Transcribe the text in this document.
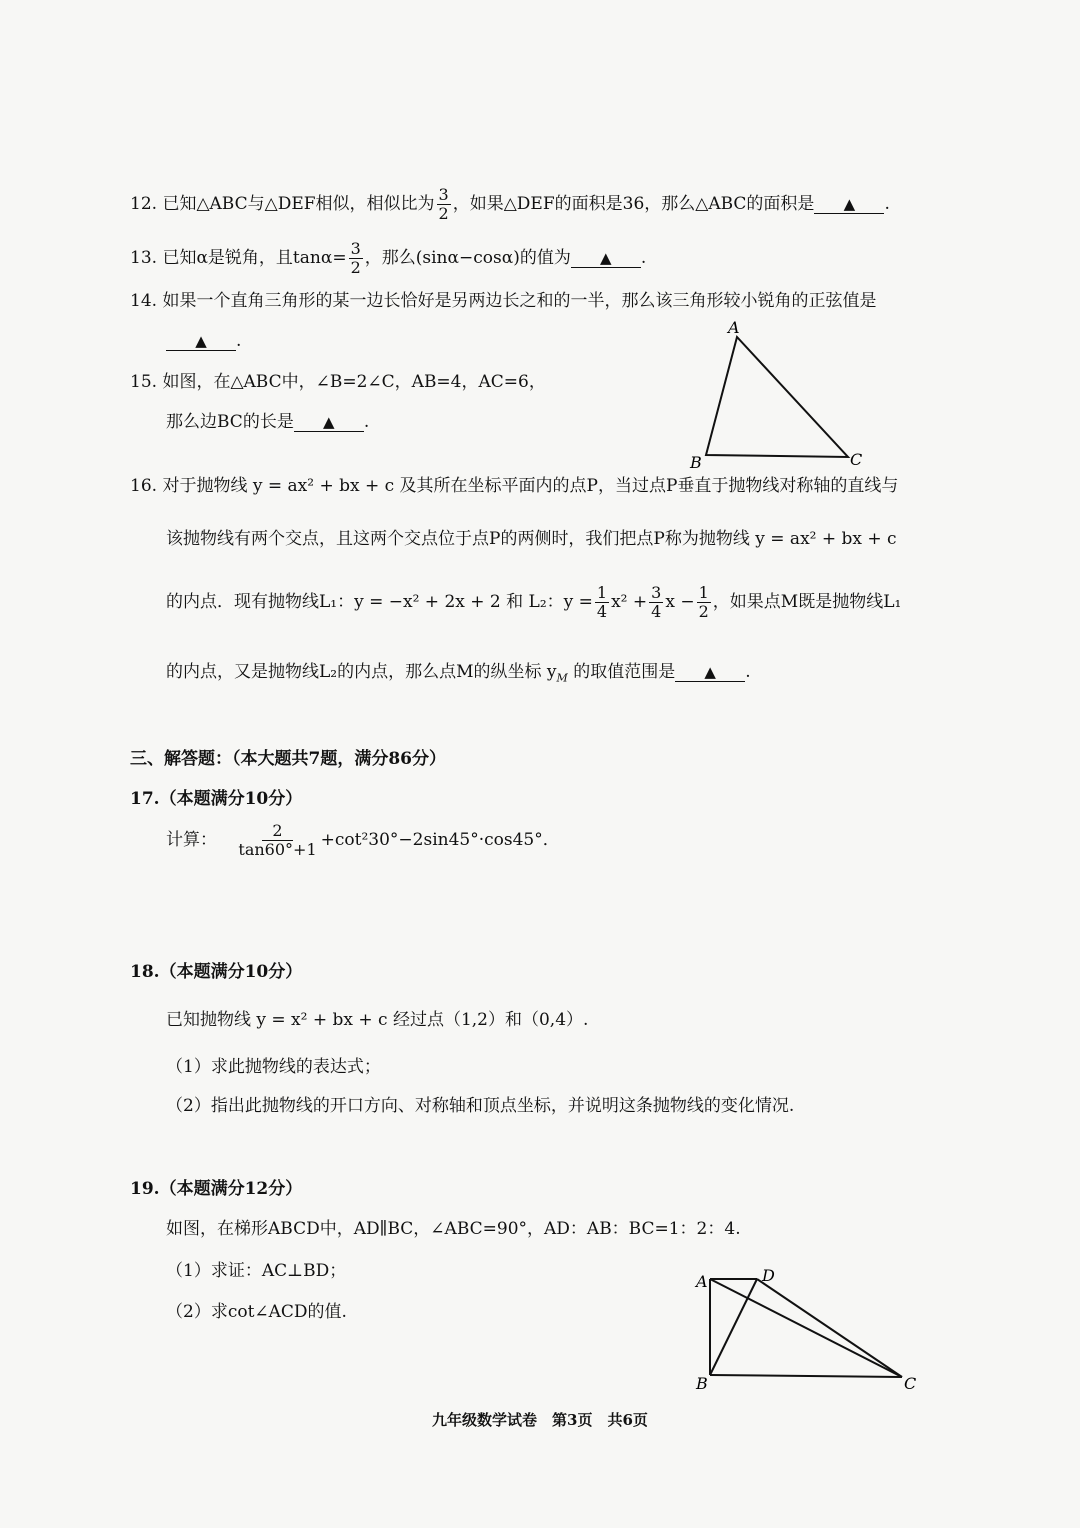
12. 已知△ABC与△DEF相似，相似比为 $\frac{3}{2}$ ，如果△DEF的面积是36，那么△ABC的面积是 ▲ .
13. 已知α是锐角，且$\tan\alpha= \frac{3}{2}$ ，那么(sinα−cosα)的值为 ▲ .
14. 如果一个直角三角形的某一边长恰好是另两边长之和的一半，那么该三角形较小锐角的正弦值是
▲ .
15. 如图，在△ABC中，∠B=2∠C，AB=4，AC=6，
那么边BC的长是 ▲ .
A
B	C
16. 对于抛物线 y = ax² + bx + c 及其所在坐标平面内的点P，当过点P垂直于抛物线对称轴的直线与
该抛物线有两个交点，且这两个交点位于点P的两侧时，我们把点P称为抛物线 y = ax² + bx + c
的内点．现有抛物线L₁：y = −x² + 2x + 2 和 L₂：$y = \frac{1}{4} x^2 + \frac{3}{4}$ $x - \frac{1}{2}$ ，如果点M既是抛物线L₁
的内点，又是抛物线L₂的内点，那么点M的纵坐标 $y_M$ 的取值范围是 ▲ .
三、解答题：（本大题共7题，满分86分）
17.（本题满分10分）
计算： $\frac{2}{\tan 60^\circ+1} +\cot^230^\circ-2\sin 45^\circ\cdot\cos 45^\circ$．
18.（本题满分10分）
已知抛物线 y = x² + bx + c 经过点（1,2）和（0,4）.
（1）求此抛物线的表达式；
（2）指出此抛物线的开口方向、对称轴和顶点坐标，并说明这条抛物线的变化情况.
19.（本题满分12分）
如图，在梯形ABCD中，AD∥BC，∠ABC=90°，AD：AB：BC=1：2：4.
（1）求证：AC⊥BD；
（2）求cot∠ACD的值.
A	D
B	C
九年级数学试卷　第3页　共6页
